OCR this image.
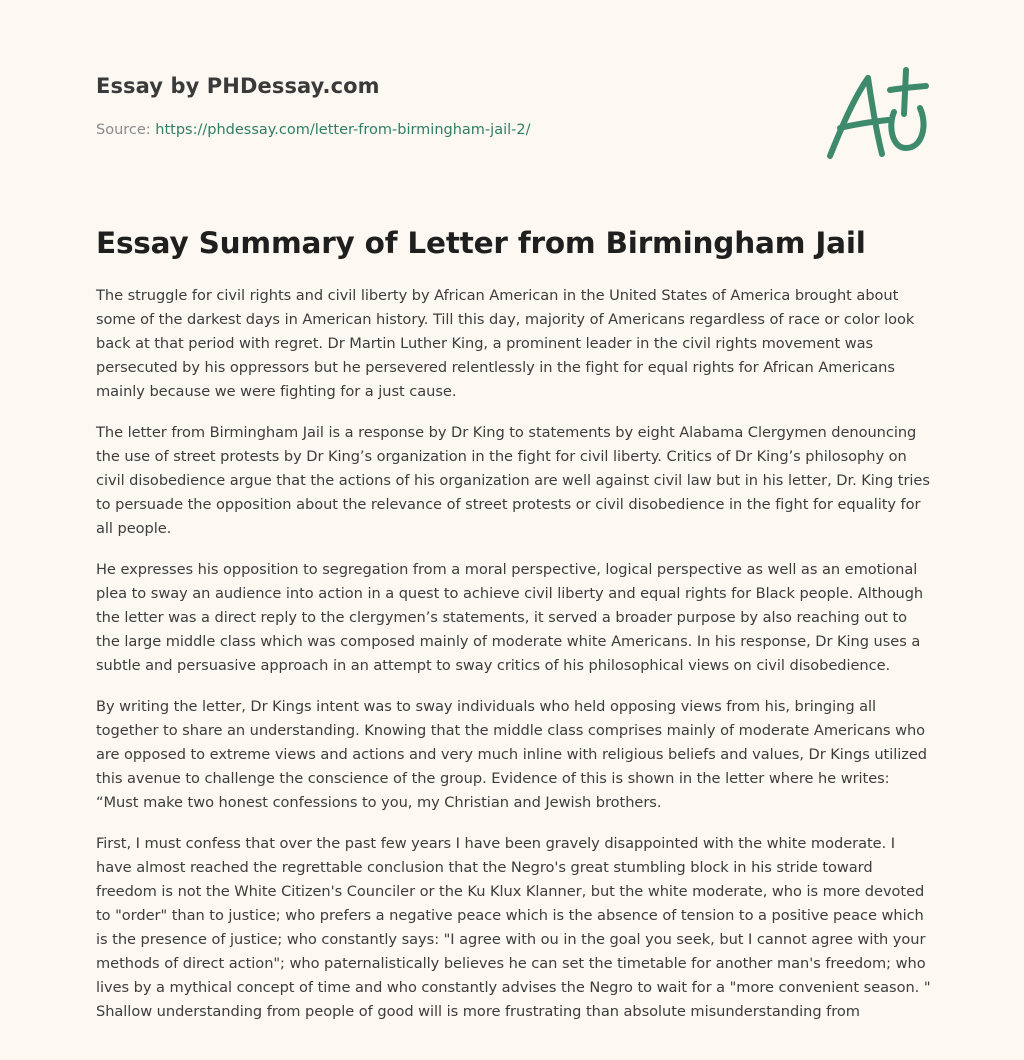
Essay by PHDessay.com
Source: https://phdessay.com/letter-from-birmingham-jail-2/
Essay Summary of Letter from Birmingham Jail

The struggle for civil rights and civil liberty by African American in the United States of America brought about some of the darkest days in American history. Till this day, majority of Americans regardless of race or color look back at that period with regret. Dr Martin Luther King, a prominent leader in the civil rights movement was persecuted by his oppressors but he persevered relentlessly in the fight for equal rights for African Americans mainly because we were fighting for a just cause.

The letter from Birmingham Jail is a response by Dr King to statements by eight Alabama Clergymen denouncing the use of street protests by Dr King’s organization in the fight for civil liberty. Critics of Dr King’s philosophy on civil disobedience argue that the actions of his organization are well against civil law but in his letter, Dr. King tries to persuade the opposition about the relevance of street protests or civil disobedience in the fight for equality for all people.

He expresses his opposition to segregation from a moral perspective, logical perspective as well as an emotional plea to sway an audience into action in a quest to achieve civil liberty and equal rights for Black people. Although the letter was a direct reply to the clergymen’s statements, it served a broader purpose by also reaching out to the large middle class which was composed mainly of moderate white Americans. In his response, Dr King uses a subtle and persuasive approach in an attempt to sway critics of his philosophical views on civil disobedience.

By writing the letter, Dr Kings intent was to sway individuals who held opposing views from his, bringing all together to share an understanding. Knowing that the middle class comprises mainly of moderate Americans who are opposed to extreme views and actions and very much inline with religious beliefs and values, Dr Kings utilized this avenue to challenge the conscience of the group. Evidence of this is shown in the letter where he writes: “Must make two honest confessions to you, my Christian and Jewish brothers.

First, I must confess that over the past few years I have been gravely disappointed with the white moderate. I have almost reached the regrettable conclusion that the Negro's great stumbling block in his stride toward freedom is not the White Citizen's Counciler or the Ku Klux Klanner, but the white moderate, who is more devoted to "order" than to justice; who prefers a negative peace which is the absence of tension to a positive peace which is the presence of justice; who constantly says: "I agree with ou in the goal you seek, but I cannot agree with your methods of direct action"; who paternalistically believes he can set the timetable for another man's freedom; who lives by a mythical concept of time and who constantly advises the Negro to wait for a "more convenient season. " Shallow understanding from people of good will is more frustrating than absolute misunderstanding from
